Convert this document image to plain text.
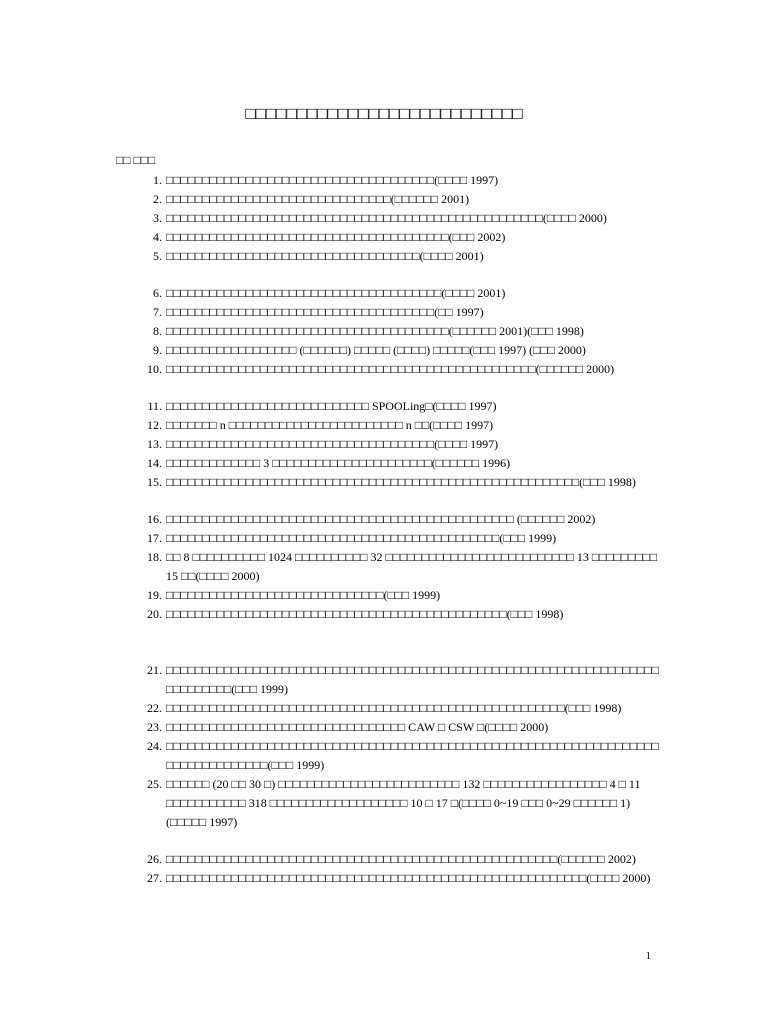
□□□□□□□□□□□□□□□□□□□□□□□□□□□
□□ □□□
1. □□□□□□□□□□□□□□□□□□□□□□□□□□□□□□□□□□□□□(□□□□ 1997)
2. □□□□□□□□□□□□□□□□□□□□□□□□□□□□□□□(□□□□□□ 2001)
3. □□□□□□□□□□□□□□□□□□□□□□□□□□□□□□□□□□□□□□□□□□□□□□□□□□□□(□□□□ 2000)
4. □□□□□□□□□□□□□□□□□□□□□□□□□□□□□□□□□□□□□□□(□□□ 2002)
5. □□□□□□□□□□□□□□□□□□□□□□□□□□□□□□□□□□□(□□□□ 2001)
6. □□□□□□□□□□□□□□□□□□□□□□□□□□□□□□□□□□□□□□(□□□□ 2001)
7. □□□□□□□□□□□□□□□□□□□□□□□□□□□□□□□□□□□□□(□□ 1997)
8. □□□□□□□□□□□□□□□□□□□□□□□□□□□□□□□□□□□□□□□(□□□□□□ 2001)(□□□ 1998)
9. □□□□□□□□□□□□□□□□□□ (□□□□□□) □□□□□ (□□□□) □□□□□(□□□ 1997) (□□□ 2000)
10. □□□□□□□□□□□□□□□□□□□□□□□□□□□□□□□□□□□□□□□□□□□□□□□□□□□(□□□□□□ 2000)
11. □□□□□□□□□□□□□□□□□□□□□□□□□□□□ SPOOLing□(□□□□ 1997)
12. □□□□□□□ n □□□□□□□□□□□□□□□□□□□□□□□□ n □□(□□□□ 1997)
13. □□□□□□□□□□□□□□□□□□□□□□□□□□□□□□□□□□□□□(□□□□ 1997)
14. □□□□□□□□□□□□□ 3 □□□□□□□□□□□□□□□□□□□□□□(□□□□□□ 1996)
15. □□□□□□□□□□□□□□□□□□□□□□□□□□□□□□□□□□□□□□□□□□□□□□□□□□□□□□□□□(□□□ 1998)
16. □□□□□□□□□□□□□□□□□□□□□□□□□□□□□□□□□□□□□□□□□□□□□□□□ (□□□□□□ 2002)
17. □□□□□□□□□□□□□□□□□□□□□□□□□□□□□□□□□□□□□□□□□□□□□□(□□□ 1999)
18. □□ 8 □□□□□□□□□□ 1024 □□□□□□□□□□ 32 □□□□□□□□□□□□□□□□□□□□□□□□□□ 13 □□□□□□□□□ 15 □□(□□□□ 2000)
19. □□□□□□□□□□□□□□□□□□□□□□□□□□□□□□(□□□ 1999)
20. □□□□□□□□□□□□□□□□□□□□□□□□□□□□□□□□□□□□□□□□□□□□□□□(□□□ 1998)
21. □□□□□□□□□□□□□□□□□□□□□□□□□□□□□□□□□□□□□□□□□□□□□□□□□□□□□□□□□□□□□□□□□□□□□□□□□□□□□(□□□ 1999)
22. □□□□□□□□□□□□□□□□□□□□□□□□□□□□□□□□□□□□□□□□□□□□□□□□□□□□□□□(□□□ 1998)
23. □□□□□□□□□□□□□□□□□□□□□□□□□□□□□□□□□ CAW □ CSW □(□□□□ 2000)
24. □□□□□□□□□□□□□□□□□□□□□□□□□□□□□□□□□□□□□□□□□□□□□□□□□□□□□□□□□□□□□□□□□□□□□□□□□□□□□□□□□□(□□□ 1999)
25. □□□□□□ (20 □□ 30 □) □□□□□□□□□□□□□□□□□□□□□□□□□ 132 □□□□□□□□□□□□□□□□□ 4 □ 11 □□□□□□□□□□□ 318 □□□□□□□□□□□□□□□□□□□ 10 □ 17 □(□□□□ 0~19 □□□ 0~29 □□□□□□ 1)(□□□□□ 1997)
26. □□□□□□□□□□□□□□□□□□□□□□□□□□□□□□□□□□□□□□□□□□□□□□□□□□□□□□(□□□□□□ 2002)
27. □□□□□□□□□□□□□□□□□□□□□□□□□□□□□□□□□□□□□□□□□□□□□□□□□□□□□□□□□□(□□□□ 2000)
1
